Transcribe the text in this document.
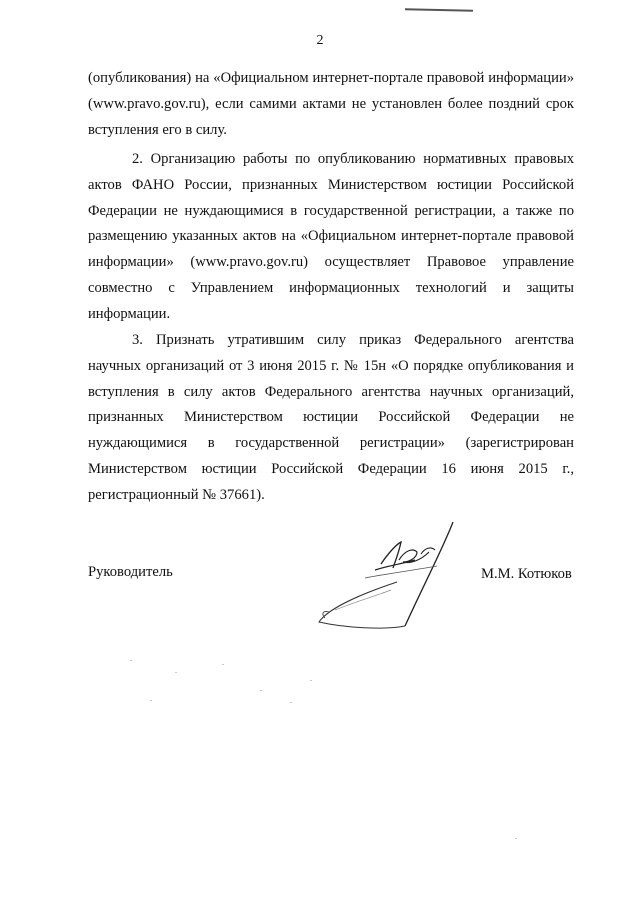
2

(опубликования) на «Официальном интернет-портале правовой информации» (www.pravo.gov.ru), если самими актами не установлен более поздний срок вступления его в силу.

2. Организацию работы по опубликованию нормативных правовых актов ФАНО России, признанных Министерством юстиции Российской Федерации не нуждающимися в государственной регистрации, а также по размещению указанных актов на «Официальном интернет-портале правовой информации» (www.pravo.gov.ru) осуществляет Правовое управление совместно с Управлением информационных технологий и защиты информации.

3. Признать утратившим силу приказ Федерального агентства научных организаций от 3 июня 2015 г. № 15н «О порядке опубликования и вступления в силу актов Федерального агентства научных организаций, признанных Министерством юстиции Российской Федерации не нуждающимися в государственной регистрации» (зарегистрирован Министерством юстиции Российской Федерации 16 июня 2015 г., регистрационный № 37661).

Руководитель	М.М. Котюков
